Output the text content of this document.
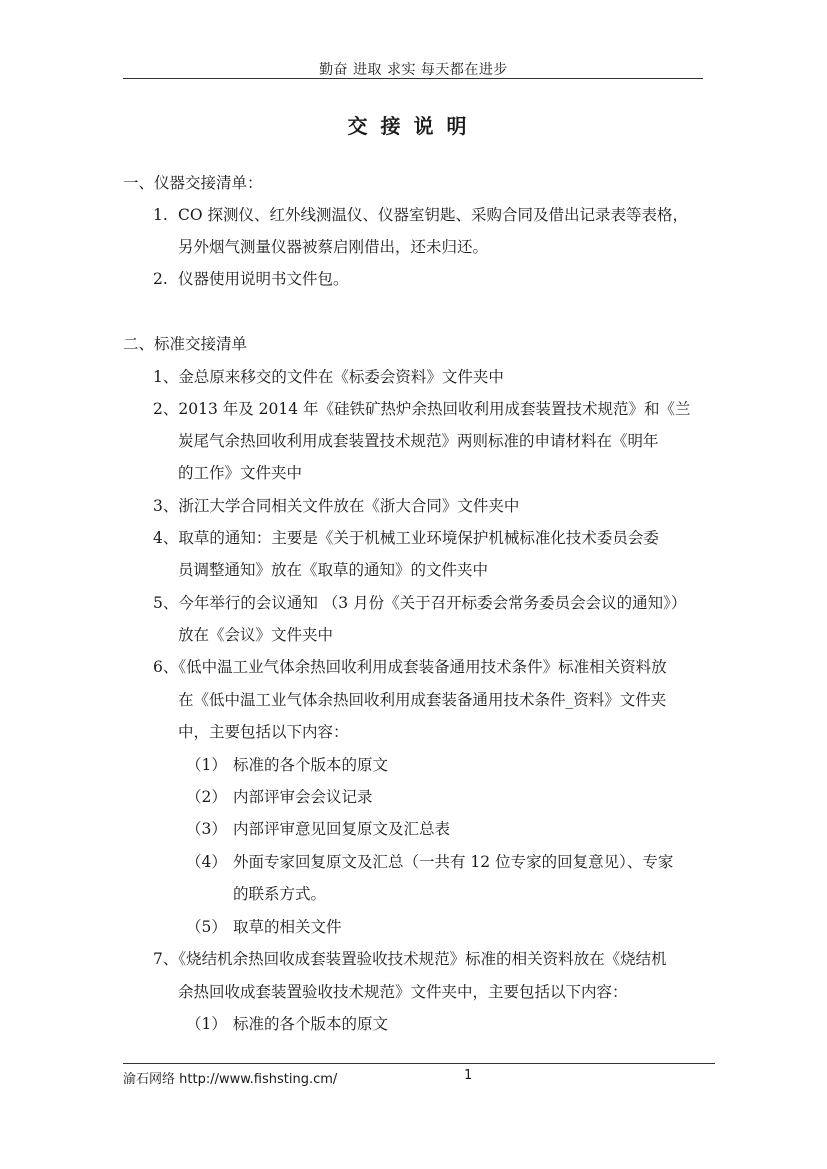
勤奋 进取 求实 每天都在进步
交接说明
一、仪器交接清单：
1. CO 探测仪、红外线测温仪、仪器室钥匙、采购合同及借出记录表等表格，
另外烟气测量仪器被蔡启刚借出，还未归还。
2. 仪器使用说明书文件包。
二、标准交接清单
1、金总原来移交的文件在《标委会资料》文件夹中
2、2013 年及 2014 年《硅铁矿热炉余热回收利用成套装置技术规范》和《兰
炭尾气余热回收利用成套装置技术规范》两则标准的申请材料在《明年
的工作》文件夹中
3、浙江大学合同相关文件放在《浙大合同》文件夹中
4、取草的通知：主要是《关于机械工业环境保护机械标准化技术委员会委
员调整通知》放在《取草的通知》的文件夹中
5、今年举行的会议通知 （3 月份《关于召开标委会常务委员会会议的通知》）
放在《会议》文件夹中
6、《低中温工业气体余热回收利用成套装备通用技术条件》标准相关资料放
在《低中温工业气体余热回收利用成套装备通用技术条件_资料》文件夹
中，主要包括以下内容：
（1） 标准的各个版本的原文
（2） 内部评审会会议记录
（3） 内部评审意见回复原文及汇总表
（4） 外面专家回复原文及汇总（一共有 12 位专家的回复意见）、专家
的联系方式。
（5） 取草的相关文件
7、《烧结机余热回收成套装置验收技术规范》标准的相关资料放在《烧结机
余热回收成套装置验收技术规范》文件夹中，主要包括以下内容：
（1） 标准的各个版本的原文
渝石网络 http://www.fishsting.cm/	1
